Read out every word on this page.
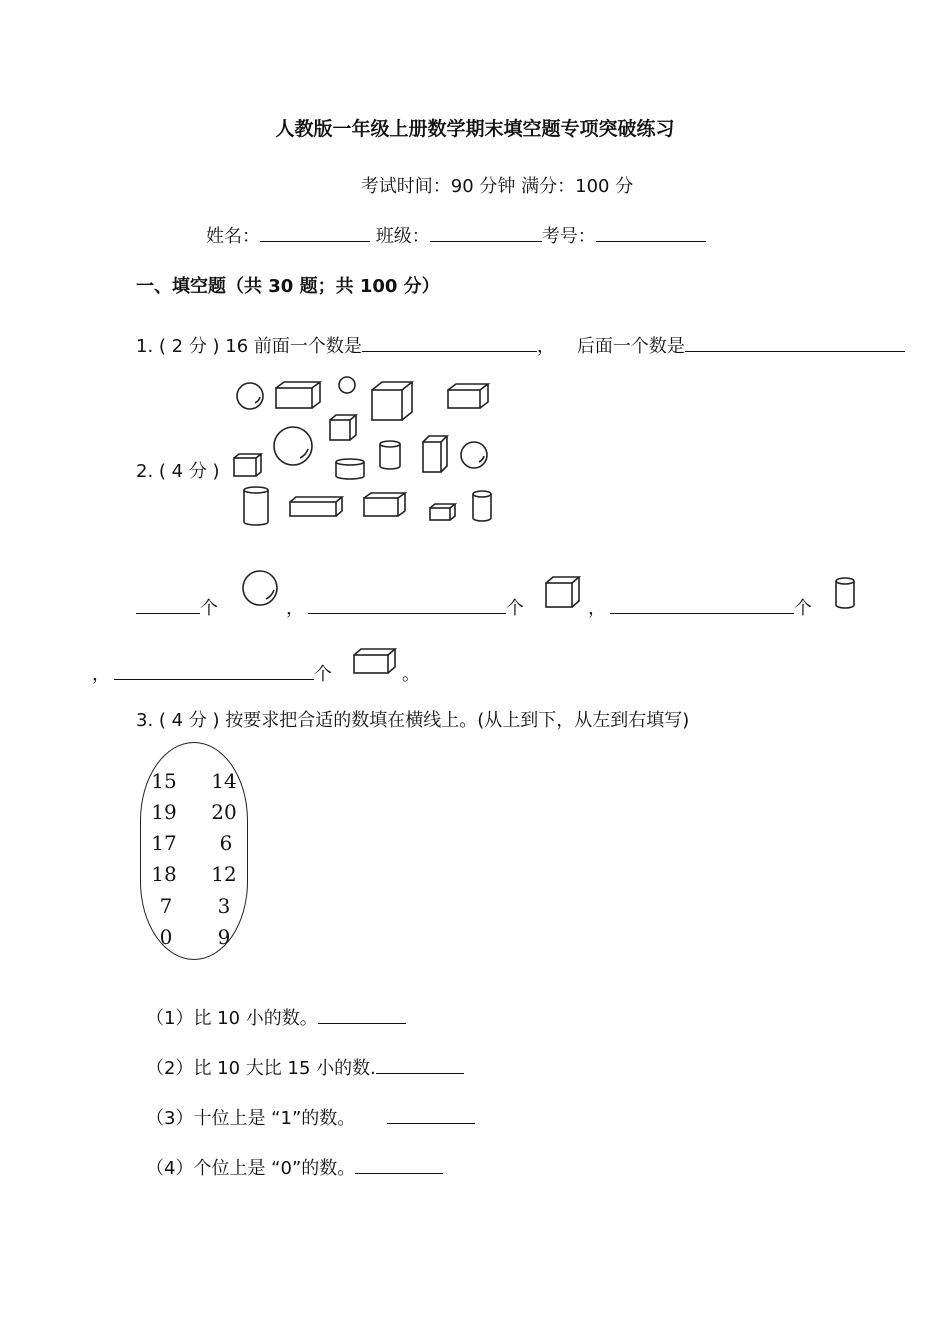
人教版一年级上册数学期末填空题专项突破练习
考试时间：90 分钟 满分：100 分
姓名：	班级：	考号：
一、填空题（共 30 题；共 100 分）
1. ( 2 分 ) 16 前面一个数是	， 后面一个数是
2. ( 4 分 )
个	，	个	，	个
，	个	。
3. ( 4 分 ) 按要求把合适的数填在横线上。(从上到下，从左到右填写)
15 14
19 20
17	6
18 12
7	3
0	9
（1）比 10 小的数。
（2）比 10 大比 15 小的数.
（3）十位上是 “1”的数。
（4）个位上是 “0”的数。
